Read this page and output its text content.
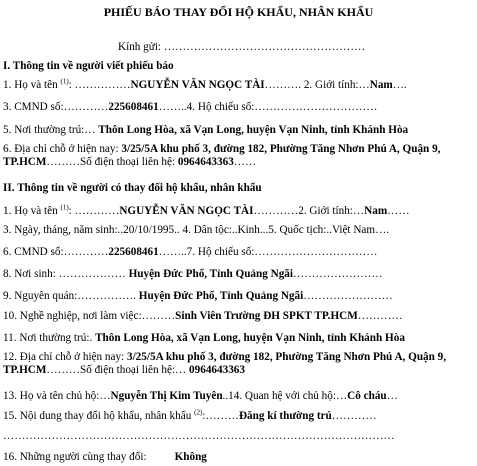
PHIẾU BÁO THAY ĐỔI HỘ KHẨU, NHÂN KHẨU
Kính gửi: ………………………………………………
I. Thông tin về người viết phiếu báo
1. Họ và tên $^{(1)}$: ……………NGUYỄN VĂN NGỌC TÀI………. 2. Giới tính:…Nam….
3. CMND số:…………225608461……..4. Hộ chiếu số:……………………………
5. Nơi thường trú:… Thôn Long Hòa, xã Vạn Long, huyện Vạn Ninh, tỉnh Khánh Hòa
6. Địa chỉ chỗ ở hiện nay: 3/25/5A khu phố 3, đường 182, Phường Tăng Nhơn Phú A, Quận 9, TP.HCM………Số điện thoại liên hệ: 0964643363……
II. Thông tin về người có thay đổi hộ khẩu, nhân khẩu
1. Họ và tên $^{(1)}$: …………NGUYỄN VĂN NGỌC TÀI…………2. Giới tính:…Nam……
3. Ngày, tháng, năm sinh:..20/10/1995.. 4. Dân tộc:..Kinh...5. Quốc tịch:..Việt Nam….
6. CMND số:…………225608461……..7. Hộ chiếu số:……………………………
8. Nơi sinh: ……………… Huyện Đức Phổ, Tỉnh Quảng Ngãi……………………
9. Nguyên quán:……………. Huyện Đức Phổ, Tỉnh Quảng Ngãi……………………
10. Nghề nghiệp, nơi làm việc:………Sinh Viên Trường ĐH SPKT TP.HCM…………
11. Nơi thường trú:. Thôn Long Hòa, xã Vạn Long, huyện Vạn Ninh, tỉnh Khánh Hòa
12. Địa chỉ chỗ ở hiện nay: 3/25/5A khu phố 3, đường 182, Phường Tăng Nhơn Phú A, Quận 9, TP.HCM………Số điện thoại liên hệ:… 0964643363
13. Họ và tên chủ hộ:…Nguyễn Thị Kim Tuyên..14. Quan hệ với chủ hộ:…Cô cháu…
15. Nội dung thay đổi hộ khẩu, nhân khẩu $^{(2)}$:………Đăng kí thường trú…………
……………………………………………………………………………………………
16. Những người cùng thay đổi:          Không
